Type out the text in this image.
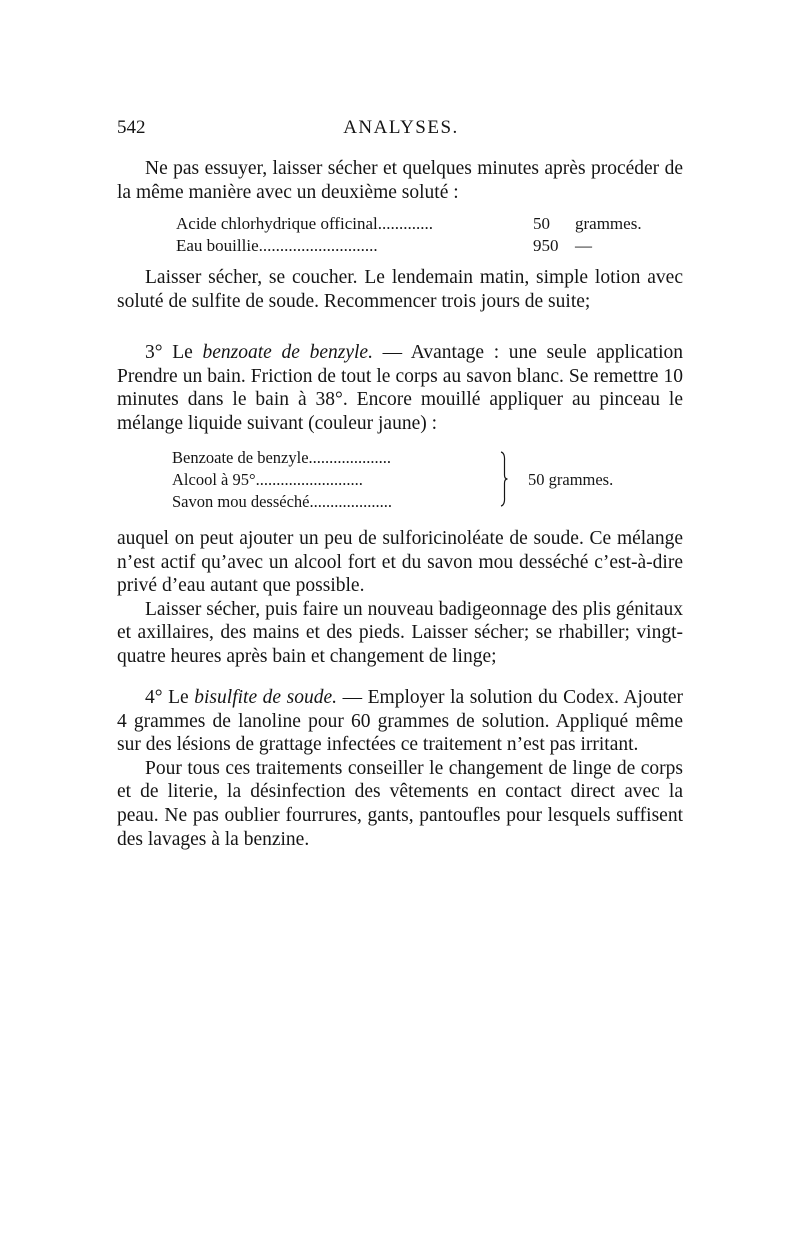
542	ANALYSES.

Ne pas essuyer, laisser sécher et quelques minutes après procéder de la même manière avec un deuxième soluté :

Acide chlorhydrique officinal.............	50 grammes.
Eau bouillie............................	950 —

Laisser sécher, se coucher. Le lendemain matin, simple lotion avec soluté de sulfite de soude. Recommencer trois jours de suite;

3° Le benzoate de benzyle. — Avantage : une seule application Prendre un bain. Friction de tout le corps au savon blanc. Se remettre 10 minutes dans le bain à 38°. Encore mouillé appliquer au pinceau le mélange liquide suivant (couleur jaune) :

Benzoate de benzyle....................
Alcool à 95°..........................
Savon mou desséché....................
50 grammes.

auquel on peut ajouter un peu de sulforicinoléate de soude. Ce mélange n’est actif qu’avec un alcool fort et du savon mou desséché c’est-à-dire privé d’eau autant que possible.

Laisser sécher, puis faire un nouveau badigeonnage des plis génitaux et axillaires, des mains et des pieds. Laisser sécher; se rhabiller; vingt-quatre heures après bain et changement de linge;

4° Le bisulfite de soude. — Employer la solution du Codex. Ajouter 4 grammes de lanoline pour 60 grammes de solution. Appliqué même sur des lésions de grattage infectées ce traitement n’est pas irritant.

Pour tous ces traitements conseiller le changement de linge de corps et de literie, la désinfection des vêtements en contact direct avec la peau. Ne pas oublier fourrures, gants, pantoufles pour lesquels suffisent des lavages à la benzine.
